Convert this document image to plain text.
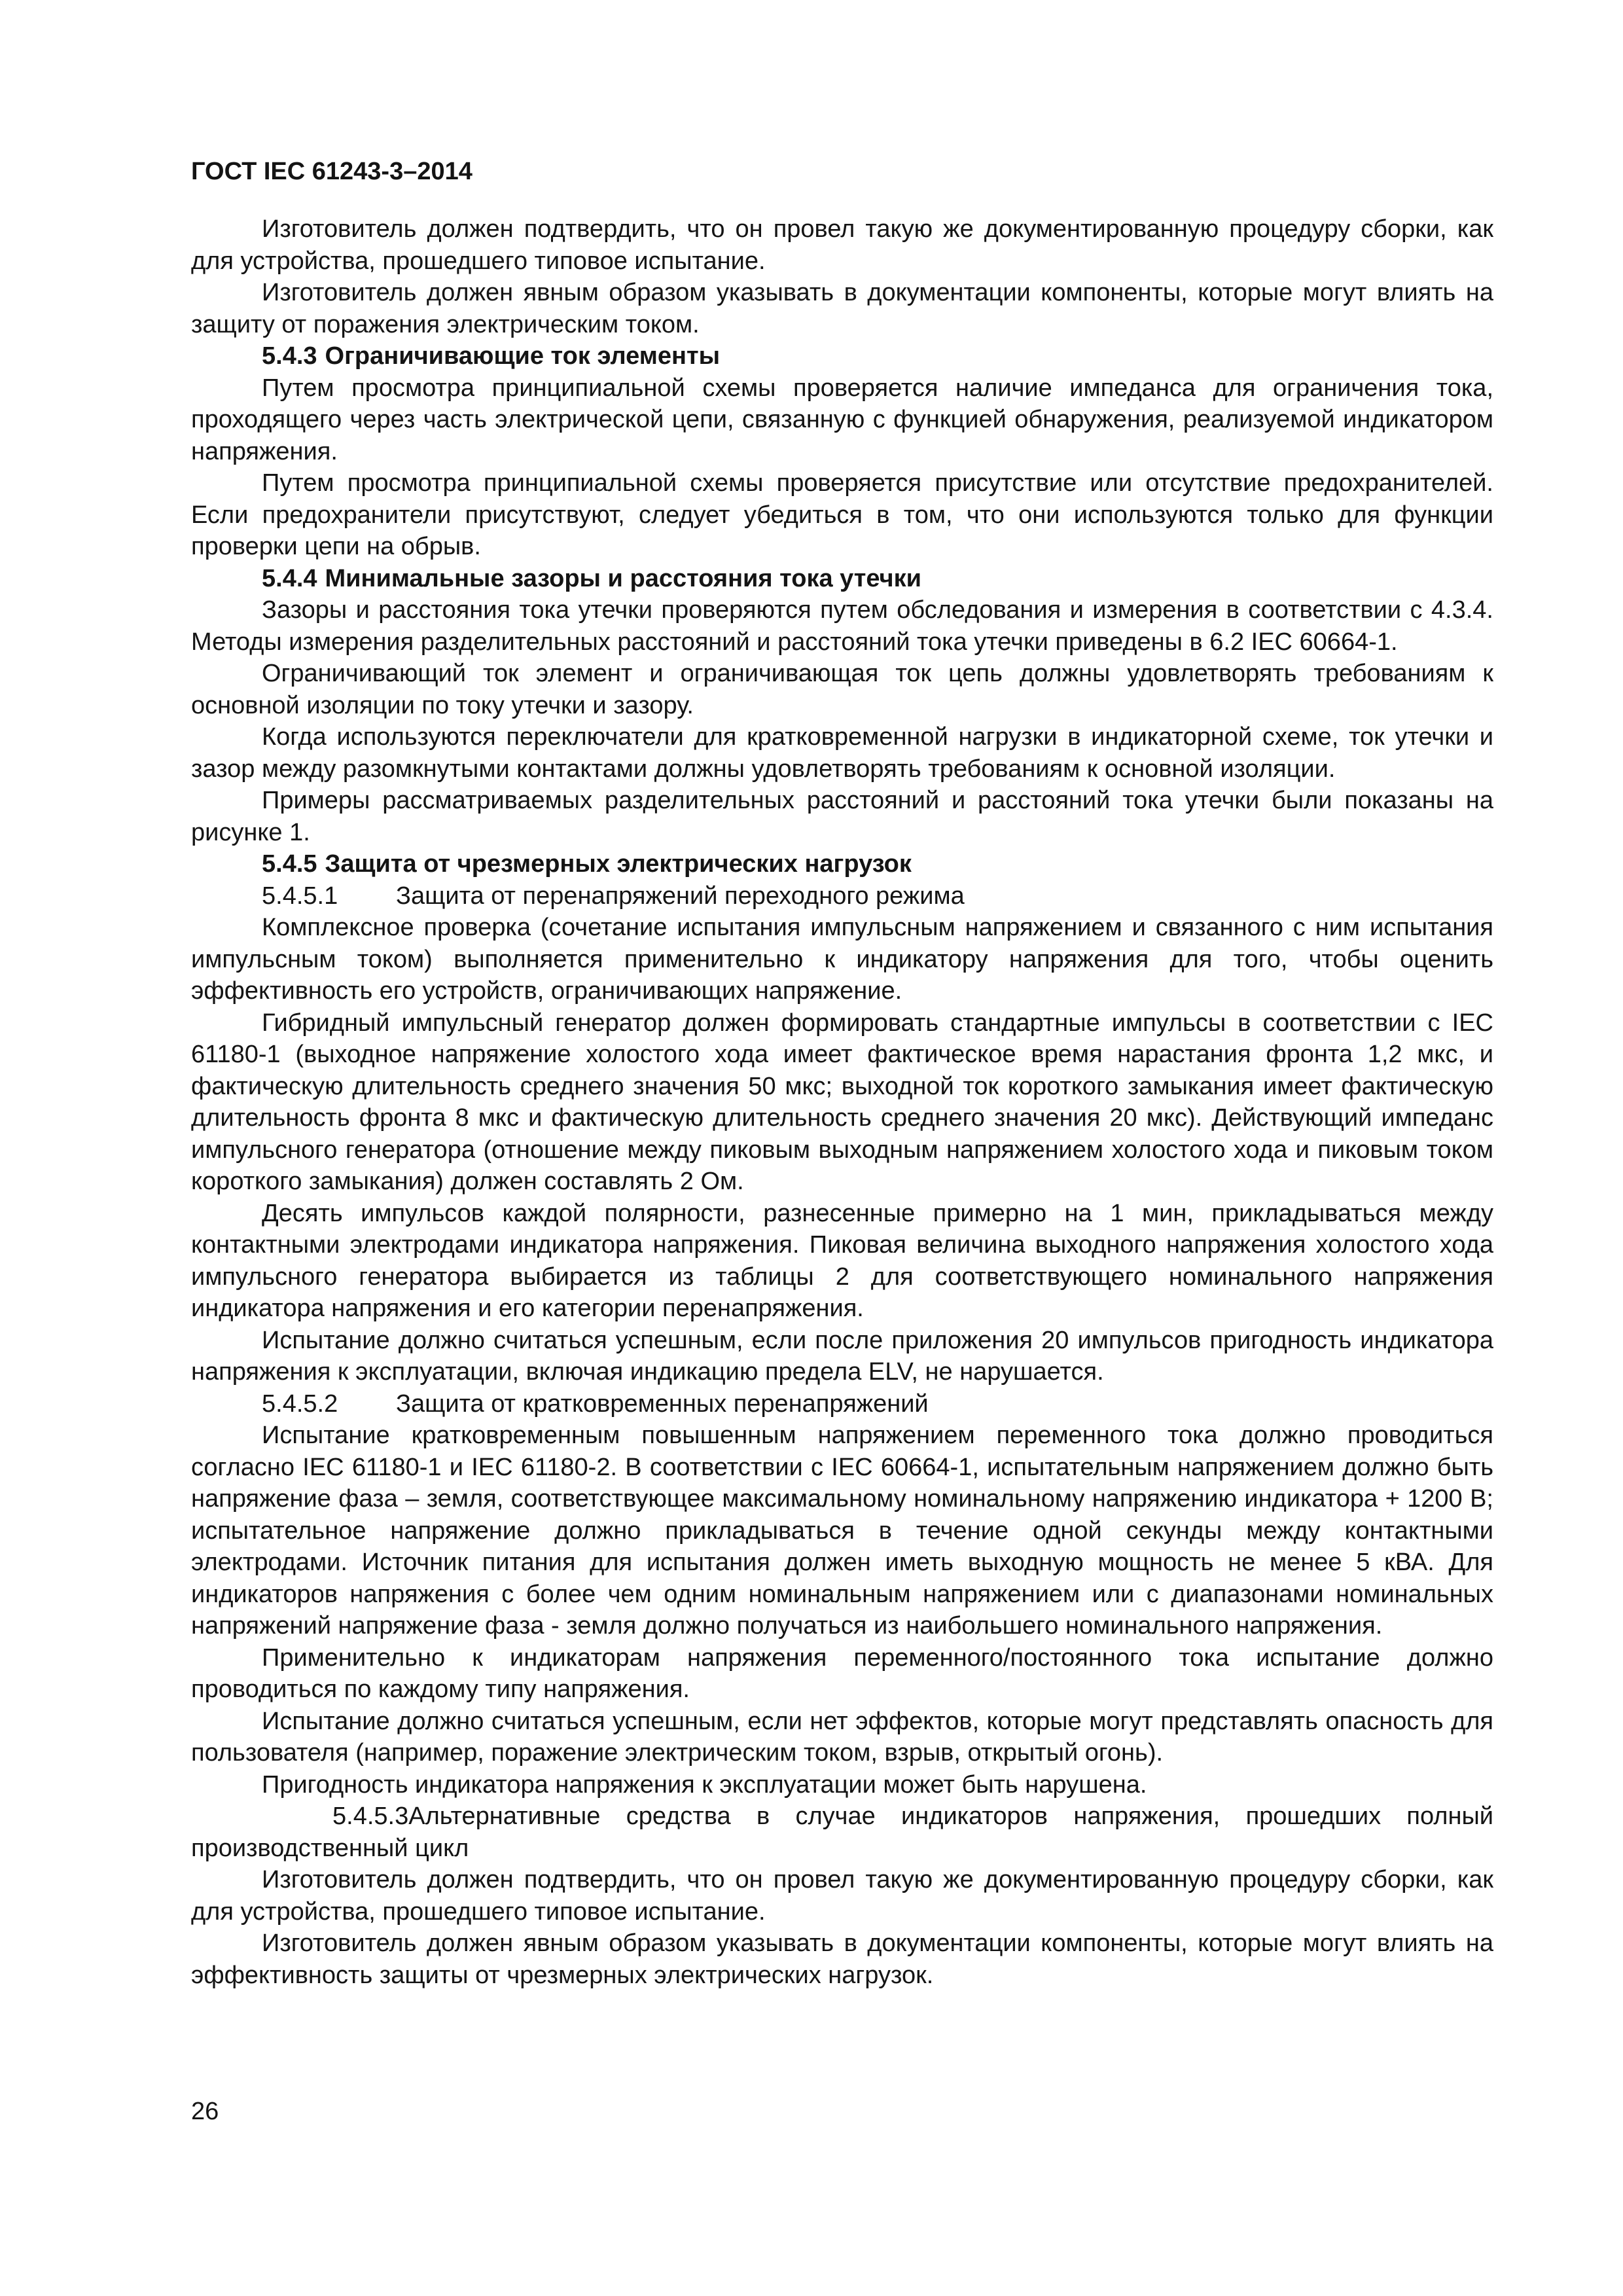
ГОСТ IEC 61243-3–2014

Изготовитель должен подтвердить, что он провел такую же документированную процедуру сборки, как для устройства, прошедшего типовое испытание.

Изготовитель должен явным образом указывать в документации компоненты, которые могут влиять на защиту от поражения электрическим током.

5.4.3 Ограничивающие ток элементы

Путем просмотра принципиальной схемы проверяется наличие импеданса для ограничения тока, проходящего через часть электрической цепи, связанную с функцией обнаружения, реализуемой индикатором напряжения.

Путем просмотра принципиальной схемы проверяется присутствие или отсутствие предохранителей. Если предохранители присутствуют, следует убедиться в том, что они используются только для функции проверки цепи на обрыв.

5.4.4 Минимальные зазоры и расстояния тока утечки

Зазоры и расстояния тока утечки проверяются путем обследования и измерения в соответствии с 4.3.4. Методы измерения разделительных расстояний и расстояний тока утечки приведены в 6.2 IEC 60664-1.

Ограничивающий ток элемент и ограничивающая ток цепь должны удовлетворять требованиям к основной изоляции по току утечки и зазору.

Когда используются переключатели для кратковременной нагрузки в индикаторной схеме, ток утечки и зазор между разомкнутыми контактами должны удовлетворять требованиям к основной изоляции.

Примеры рассматриваемых разделительных расстояний и расстояний тока утечки были показаны на рисунке 1.

5.4.5 Защита от чрезмерных электрических нагрузок

5.4.5.1 Защита от перенапряжений переходного режима

Комплексное проверка (сочетание испытания импульсным напряжением и связанного с ним испытания импульсным током) выполняется применительно к индикатору напряжения для того, чтобы оценить эффективность его устройств, ограничивающих напряжение.

Гибридный импульсный генератор должен формировать стандартные импульсы в соответствии с IEC 61180-1 (выходное напряжение холостого хода имеет фактическое время нарастания фронта 1,2 мкс, и фактическую длительность среднего значения 50 мкс; выходной ток короткого замыкания имеет фактическую длительность фронта 8 мкс и фактическую длительность среднего значения 20 мкс). Действующий импеданс импульсного генератора (отношение между пиковым выходным напряжением холостого хода и пиковым током короткого замыкания) должен составлять 2 Ом.

Десять импульсов каждой полярности, разнесенные примерно на 1 мин, прикладываться между контактными электродами индикатора напряжения. Пиковая величина выходного напряжения холостого хода импульсного генератора выбирается из таблицы 2 для соответствующего номинального напряжения индикатора напряжения и его категории перенапряжения.

Испытание должно считаться успешным, если после приложения 20 импульсов пригодность индикатора напряжения к эксплуатации, включая индикацию предела ELV, не нарушается.

5.4.5.2 Защита от кратковременных перенапряжений

Испытание кратковременным повышенным напряжением переменного тока должно проводиться согласно IEC 61180-1 и IEC 61180-2. В соответствии с IEC 60664-1, испытательным напряжением должно быть напряжение фаза – земля, соответствующее максимальному номинальному напряжению индикатора + 1200 В; испытательное напряжение должно прикладываться в течение одной секунды между контактными электродами. Источник питания для испытания должен иметь выходную мощность не менее 5 кВА. Для индикаторов напряжения с более чем одним номинальным напряжением или с диапазонами номинальных напряжений напряжение фаза - земля должно получаться из наибольшего номинального напряжения.

Применительно к индикаторам напряжения переменного/постоянного тока испытание должно проводиться по каждому типу напряжения.

Испытание должно считаться успешным, если нет эффектов, которые могут представлять опасность для пользователя (например, поражение электрическим током, взрыв, открытый огонь).

Пригодность индикатора напряжения к эксплуатации может быть нарушена.

5.4.5.3Альтернативные средства в случае индикаторов напряжения, прошедших полный производственный цикл

Изготовитель должен подтвердить, что он провел такую же документированную процедуру сборки, как для устройства, прошедшего типовое испытание.

Изготовитель должен явным образом указывать в документации компоненты, которые могут влиять на эффективность защиты от чрезмерных электрических нагрузок.

26
